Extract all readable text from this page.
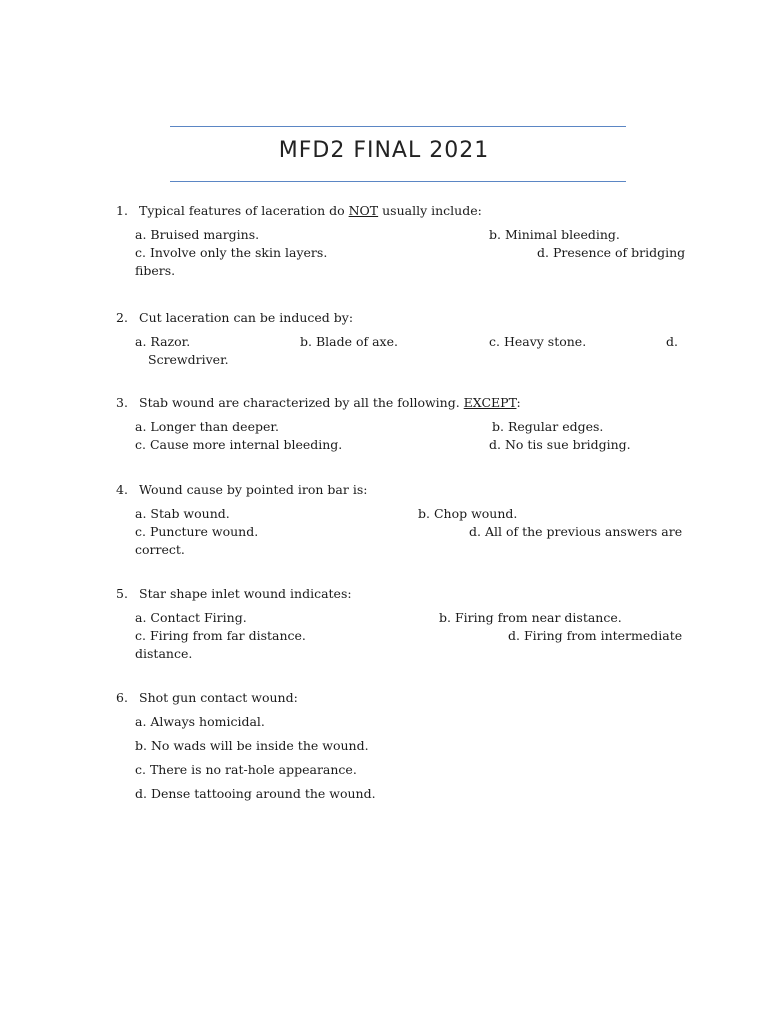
MFD2 FINAL 2021
1. Typical features of laceration do NOT usually include:
a. Bruised margins.	b. Minimal bleeding.
c. Involve only the skin layers.	d. Presence of bridging
fibers.
2. Cut laceration can be induced by:
a. Razor.	b. Blade of axe.	c. Heavy stone.	d.
Screwdriver.
3. Stab wound are characterized by all the following. EXCEPT:
a. Longer than deeper.	b. Regular edges.
c. Cause more internal bleeding.	d. No tis sue bridging.
4. Wound cause by pointed iron bar is:
a. Stab wound.	b. Chop wound.
c. Puncture wound.	d. All of the previous answers are
correct.
5. Star shape inlet wound indicates:
a. Contact Firing.	b. Firing from near distance.
c. Firing from far distance.	d. Firing from intermediate
distance.
6. Shot gun contact wound:
a. Always homicidal.
b. No wads will be inside the wound.
c. There is no rat-hole appearance.
d. Dense tattooing around the wound.
